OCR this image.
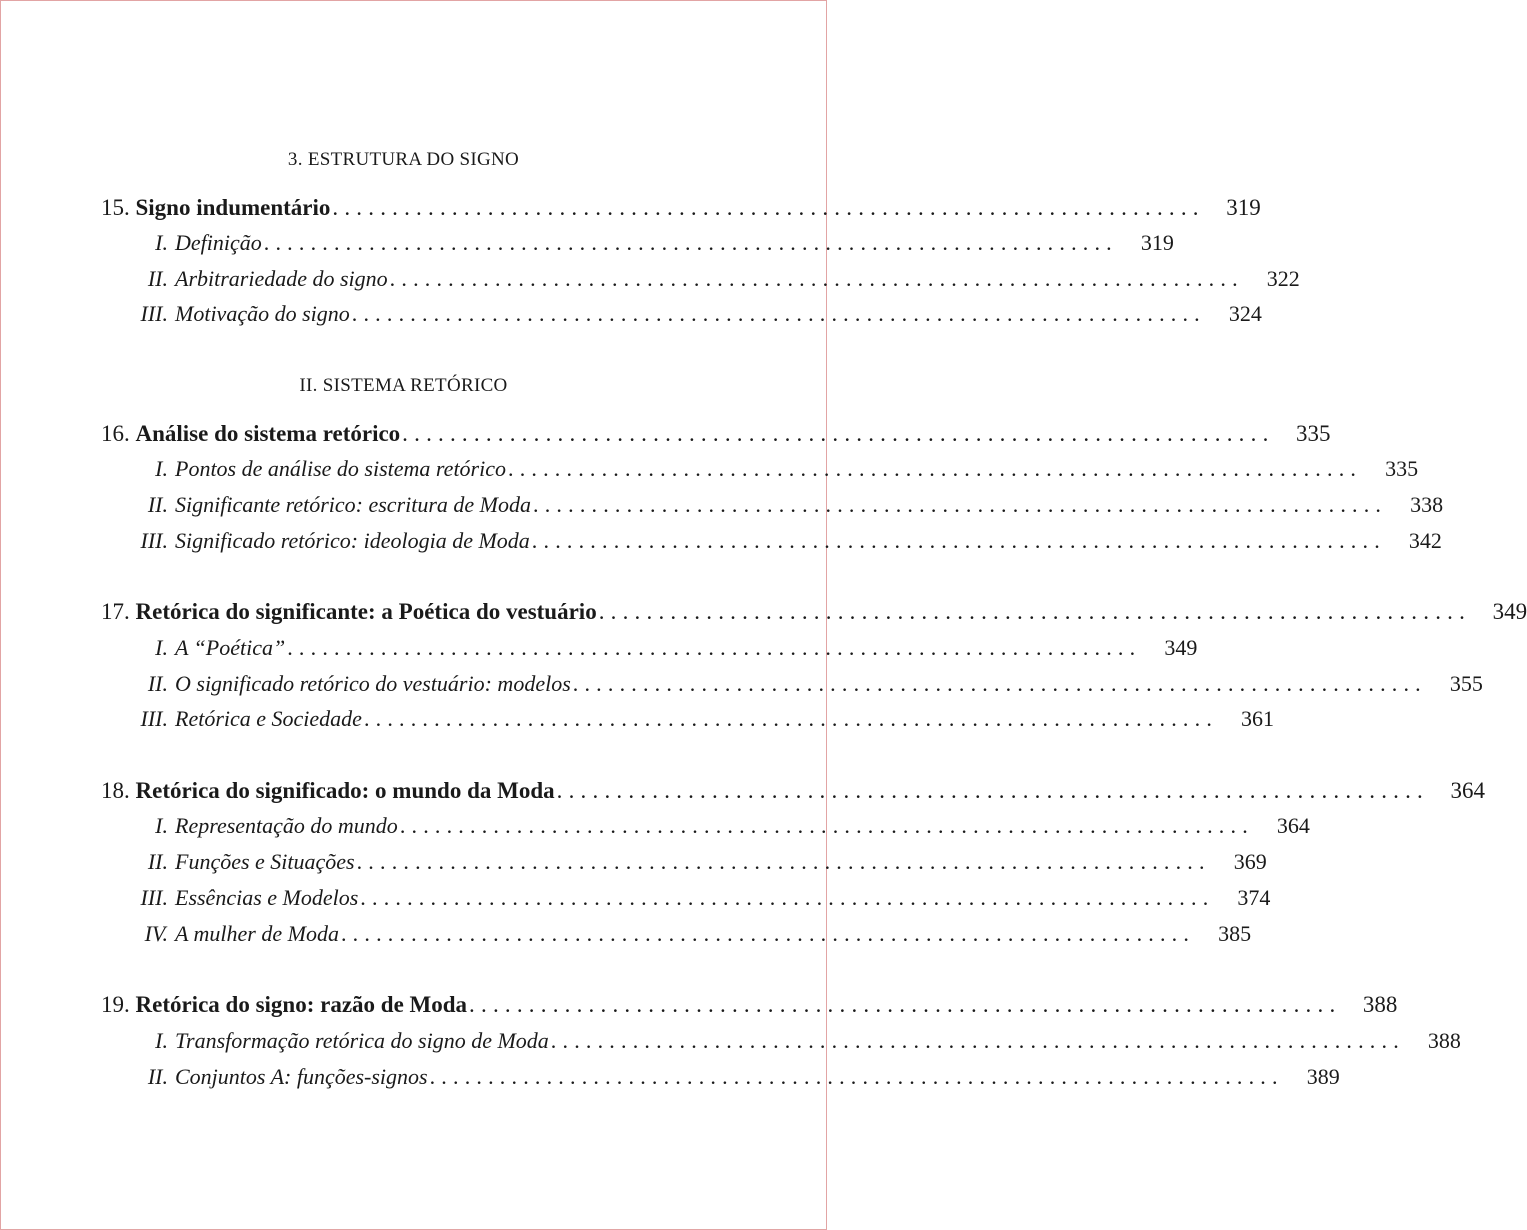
3. ESTRUTURA DO SIGNO
15.
Signo indumentário ......................................................................... 319
I. Definição .........................................................................	319
II. Arbitrariedade do signo .........................................................................	322
III. Motivação do signo .........................................................................	324
II. SISTEMA RETÓRICO
16.
Análise do sistema retórico ......................................................................... 335
I. Pontos de análise do sistema retórico .........................................................................	335
II. Significante retórico: escritura de Moda .........................................................................	338
III. Significado retórico: ideologia de Moda .........................................................................	342
17.
Retórica do significante: a Poética do vestuário ......................................................................... 349
I. A “Poética” .........................................................................	349
II. O significado retórico do vestuário: modelos .........................................................................	355
III. Retórica e Sociedade .........................................................................	361
18.
Retórica do significado: o mundo da Moda ......................................................................... 364
I. Representação do mundo .........................................................................	364
II. Funções e Situações .........................................................................	369
III. Essências e Modelos .........................................................................	374
IV. A mulher de Moda .........................................................................	385
19.
Retórica do signo: razão de Moda ......................................................................... 388
I. Transformação retórica do signo de Moda .........................................................................	388
II. Conjuntos A: funções-signos .........................................................................	389
